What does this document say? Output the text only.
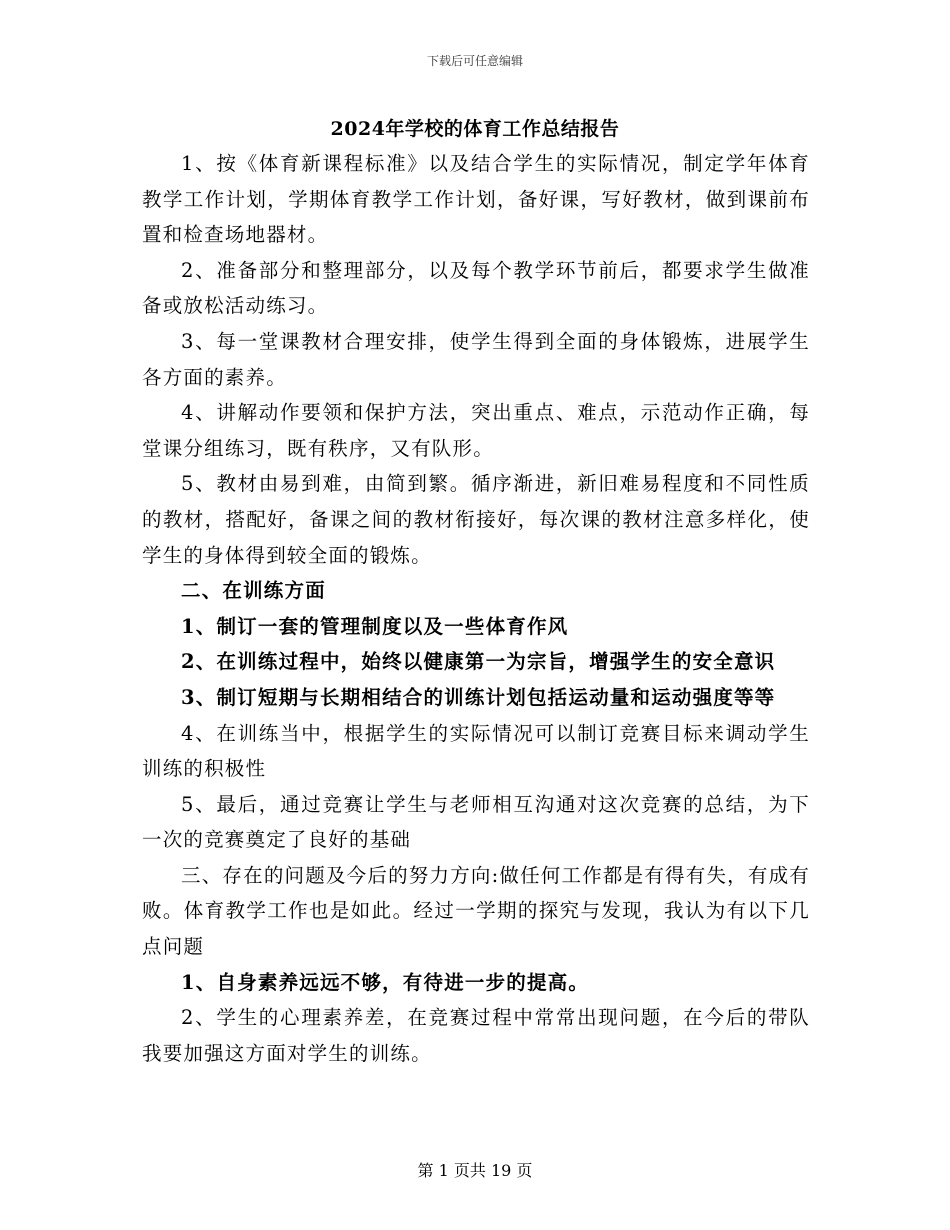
下载后可任意编辑
2024年学校的体育工作总结报告

1、按《体育新课程标准》以及结合学生的实际情况，制定学年体育教学工作计划，学期体育教学工作计划，备好课，写好教材，做到课前布置和检查场地器材。

2、准备部分和整理部分，以及每个教学环节前后，都要求学生做准备或放松活动练习。

3、每一堂课教材合理安排，使学生得到全面的身体锻炼，进展学生各方面的素养。

4、讲解动作要领和保护方法，突出重点、难点，示范动作正确，每堂课分组练习，既有秩序，又有队形。

5、教材由易到难，由简到繁。循序渐进，新旧难易程度和不同性质的教材，搭配好，备课之间的教材衔接好，每次课的教材注意多样化，使学生的身体得到较全面的锻炼。

二、在训练方面

1、制订一套的管理制度以及一些体育作风

2、在训练过程中，始终以健康第一为宗旨，增强学生的安全意识

3、制订短期与长期相结合的训练计划包括运动量和运动强度等等

4、在训练当中，根据学生的实际情况可以制订竞赛目标来调动学生训练的积极性

5、最后，通过竞赛让学生与老师相互沟通对这次竞赛的总结，为下一次的竞赛奠定了良好的基础

三、存在的问题及今后的努力方向:做任何工作都是有得有失，有成有败。体育教学工作也是如此。经过一学期的探究与发现，我认为有以下几点问题

1、自身素养远远不够，有待进一步的提高。

2、学生的心理素养差，在竞赛过程中常常出现问题，在今后的带队我要加强这方面对学生的训练。

第 1 页共 19 页
